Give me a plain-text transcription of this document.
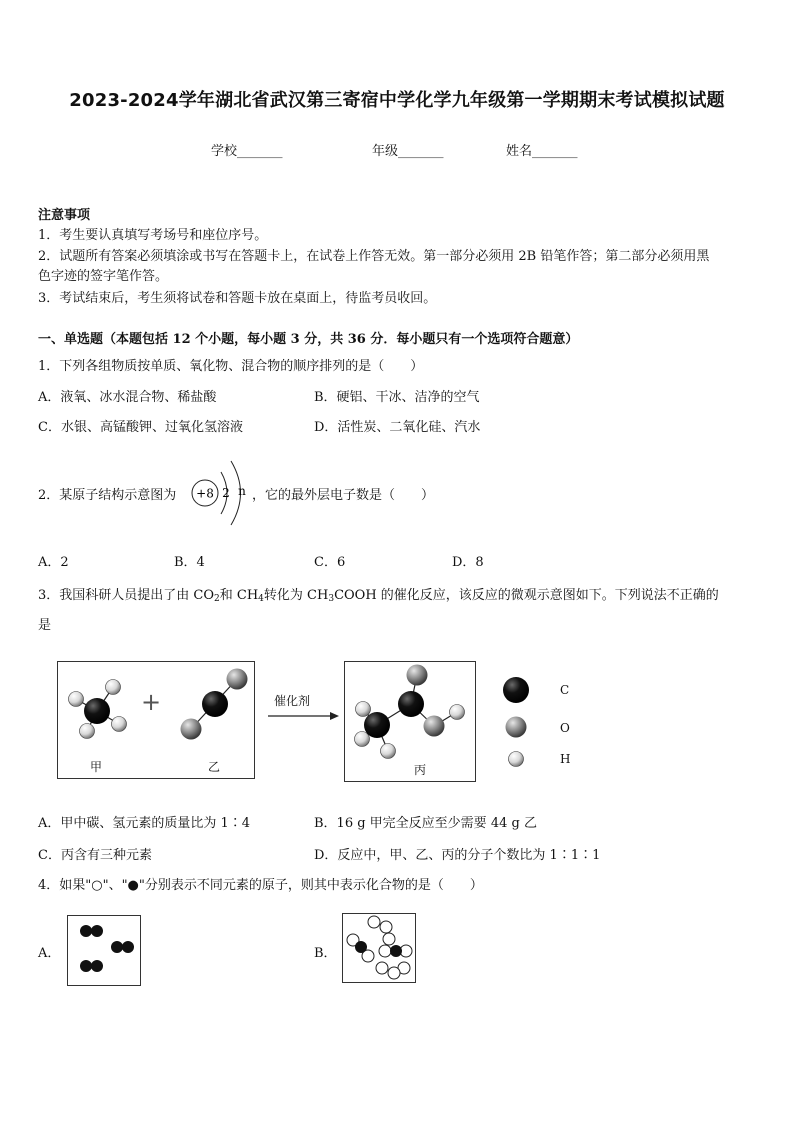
2023-2024学年湖北省武汉第三寄宿中学化学九年级第一学期期末考试模拟试题
学校_______	年级_______	姓名_______
注意事项
1．考生要认真填写考场号和座位序号。
2．试题所有答案必须填涂或书写在答题卡上，在试卷上作答无效。第一部分必须用 2B 铅笔作答；第二部分必须用黑
色字迹的签字笔作答。
3．考试结束后，考生须将试卷和答题卡放在桌面上，待监考员收回。
一、单选题（本题包括 12 个小题，每小题 3 分，共 36 分．每小题只有一个选项符合题意）
1．下列各组物质按单质、氧化物、混合物的顺序排列的是（　　）
A．液氧、冰水混合物、稀盐酸	B．硬铝、干冰、洁净的空气
C．水银、高锰酸钾、过氧化氢溶液	D．活性炭、二氧化硅、汽水
2．某原子结构示意图为 +8 2 n ，它的最外层电子数是（　　）
A．2	B．4	C．6	D．8
3．我国科研人员提出了由 $CO_2$和 $CH_4$转化为 $CH_3COOH$ 的催化反应，该反应的微观示意图如下。下列说法不正确的
是
+
甲	乙
催化剂
丙
C
O
H
A．甲中碳、氢元素的质量比为 1∶4	B．16 g 甲完全反应至少需要 44 g 乙
C．丙含有三种元素	D．反应中，甲、乙、丙的分子个数比为 1∶1∶1
4．如果"○"、"●"分别表示不同元素的原子，则其中表示化合物的是（　　）
A．	B．
